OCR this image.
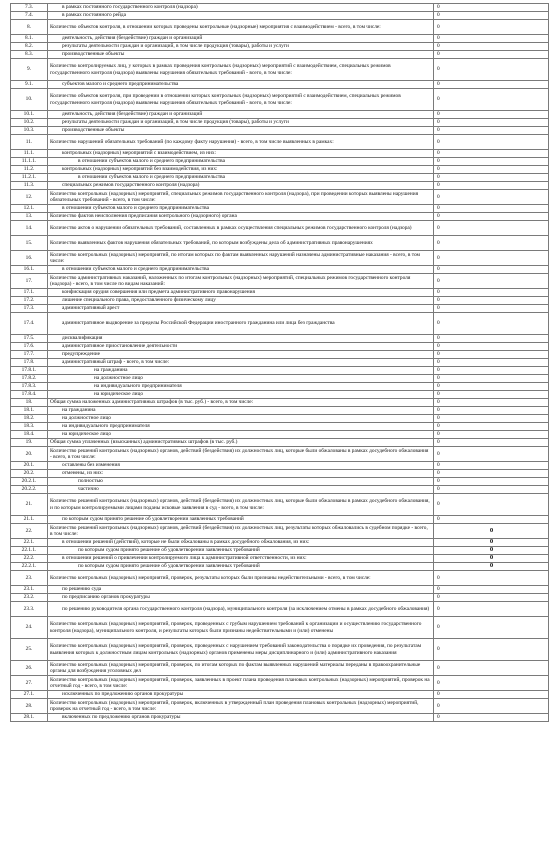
7.3.	в рамках постоянного государственного контроля (надзора)	0
7.4.	в рамках постоянного рейда	0
8.	Количество объектов контроля, в отношении которых проведены контрольные (надзорные) мероприятия с взаимодействием - всего, в том числе:	0
8.1.	деятельность, действия (бездействие) граждан и организаций	0
8.2.	результаты деятельности граждан и организаций, в том числе продукция (товары), работы и услуги	0
8.3.	производственные объекты	0
9.	Количество контролируемых лиц, у которых в рамках проведения контрольных (надзорных) мероприятий с взаимодействием, специальных режимов государственного контроля (надзора) выявлены нарушения обязательных требований - всего, в том числе:	0
9.1.	субъектов малого и среднего предпринимательства	0
10.	Количество объектов контроля, при проведении в отношении которых контрольных (надзорных) мероприятий с взаимодействием, специальных режимов государственного контроля (надзора) выявлены нарушения обязательных требований - всего, в том числе:	0
10.1.	деятельность, действия (бездействие) граждан и организаций	0
10.2.	результаты деятельности граждан и организаций, в том числе продукция (товары), работы и услуги	0
10.3.	производственные объекты	0
11.	Количество нарушений обязательных требований (по каждому факту нарушения) - всего, в том числе выявленных в рамках:	0
11.1.	контрольных (надзорных) мероприятий с взаимодействием, из них:	0
11.1.1.	в отношении субъектов малого и среднего предпринимательства	0
11.2.	контрольных (надзорных) мероприятий без взаимодействия, из них:	0
11.2.1.	в отношении субъектов малого и среднего предпринимательства	0
11.3.	специальных режимов государственного контроля (надзора)	0
12.	Количество контрольных (надзорных) мероприятий, специальных режимов государственного контроля (надзора), при проведении которых выявлены нарушения обязательных требований - всего, в том числе:	0
12.1.	в отношении субъектов малого и среднего предпринимательства	0
13.	Количество фактов неисполнения предписания контрольного (надзорного) органа	0
14.	Количество актов о нарушении обязательных требований, составленных в рамках осуществления специальных режимов государственного контроля (надзора)	0
15.	Количество выявленных фактов нарушения обязательных требований, по которым возбуждены дела об административных правонарушениях	0
16.	Количество контрольных (надзорных) мероприятий, по итогам которых по фактам выявленных нарушений назначены административные наказания - всего, в том числе:	0
16.1.	в отношении субъектов малого и среднего предпринимательства	0
17.	Количество административных наказаний, наложенных по итогам контрольных (надзорных) мероприятий, специальных режимов государственного контроля (надзора) - всего, в том числе по видам наказаний:	0
17.1.	конфискация орудия совершения или предмета административного правонарушения	0
17.2.	лишение специального права, предоставленного физическому лицу	0
17.3.	административный арест	0
17.4.	административное выдворение за пределы Российской Федерации иностранного гражданина или лица без гражданства	0
17.5.	дисквалификация	0
17.6.	административное приостановление деятельности	0
17.7.	предупреждение	0
17.8.	административный штраф - всего, в том числе:	0
17.8.1.	на гражданина	0
17.8.2.	на должностное лицо	0
17.8.3.	на индивидуального предпринимателя	0
17.8.4.	на юридическое лицо	0
18.	Общая сумма наложенных административных штрафов (в тыс. руб.) - всего, в том числе:	0
18.1.	на гражданина	0
18.2.	на должностное лицо	0
18.3.	на индивидуального предпринимателя	0
18.4.	на юридическое лицо	0
19.	Общая сумма уплаченных (взысканных) административных штрафов (в тыс. руб.)	0
20.	Количество решений контрольных (надзорных) органов, действий (бездействия) их должностных лиц, которые были обжалованы в рамках досудебного обжалования - всего, в том числе:	0
20.1.	оставлены без изменения	0
20.2.	отменены, из них:	0
20.2.1.	полностью	0
20.2.2.	частично	0
21.	Количество решений контрольных (надзорных) органов, действий (бездействия) их должностных лиц, которые были обжалованы в рамках досудебного обжалования, и по которым контролируемыми лицами поданы исковые заявления в суд - всего, в том числе:	0
21.1.	по которым судом принято решение об удовлетворении заявленных требований	0
22.	Количество решений контрольных (надзорных) органов, действий (бездействия) их должностных лиц, результаты которых обжаловались в судебном порядке - всего, в том числе:	0
22.1.	в отношении решений (действий), которые не были обжалованы в рамках досудебного обжалования, из них:	0
22.1.1.	по которым судом принято решение об удовлетворении заявленных требований	0
22.2.	в отношении решений о привлечении контролируемого лица к административной ответственности, из них:	0
22.2.1.	по которым судом принято решение об удовлетворении заявленных требований	0
23.	Количество контрольных (надзорных) мероприятий, проверок, результаты которых были признаны недействительными - всего, в том числе:	0
23.1.	по решению суда	0
23.2.	по предписанию органов прокуратуры	0
23.3.	по решению руководителя органа государственного контроля (надзора), муниципального контроля (за исключением отмены в рамках досудебного обжалования)	0
24.	Количество контрольных (надзорных) мероприятий, проверок, проведенных с грубым нарушением требований к организации и осуществлению государственного контроля (надзора), муниципального контроля, и результаты которых были признаны недействительными и (или) отменены	0
25.	Количество контрольных (надзорных) мероприятий, проверок, проведенных с нарушением требований законодательства о порядке их проведения, по результатам выявления которых к должностным лицам контрольных (надзорных) органов применены меры дисциплинарного и (или) административного наказания	0
26.	Количество контрольных (надзорных) мероприятий, проверок, по итогам которых по фактам выявленных нарушений материалы переданы в правоохранительные органы для возбуждения уголовных дел	0
27.	Количество контрольных (надзорных) мероприятий, проверок, заявленных в проект плана проведения плановых контрольных (надзорных) мероприятий, проверок на отчетный год - всего, в том числе:	0
27.1.	исключенных по предложению органов прокуратуры	0
28.	Количество контрольных (надзорных) мероприятий, проверок, включенных в утвержденный план проведения плановых контрольных (надзорных) мероприятий, проверок на отчетный год - всего, в том числе:	0
28.1.	включенных по предложению органов прокуратуры	0
